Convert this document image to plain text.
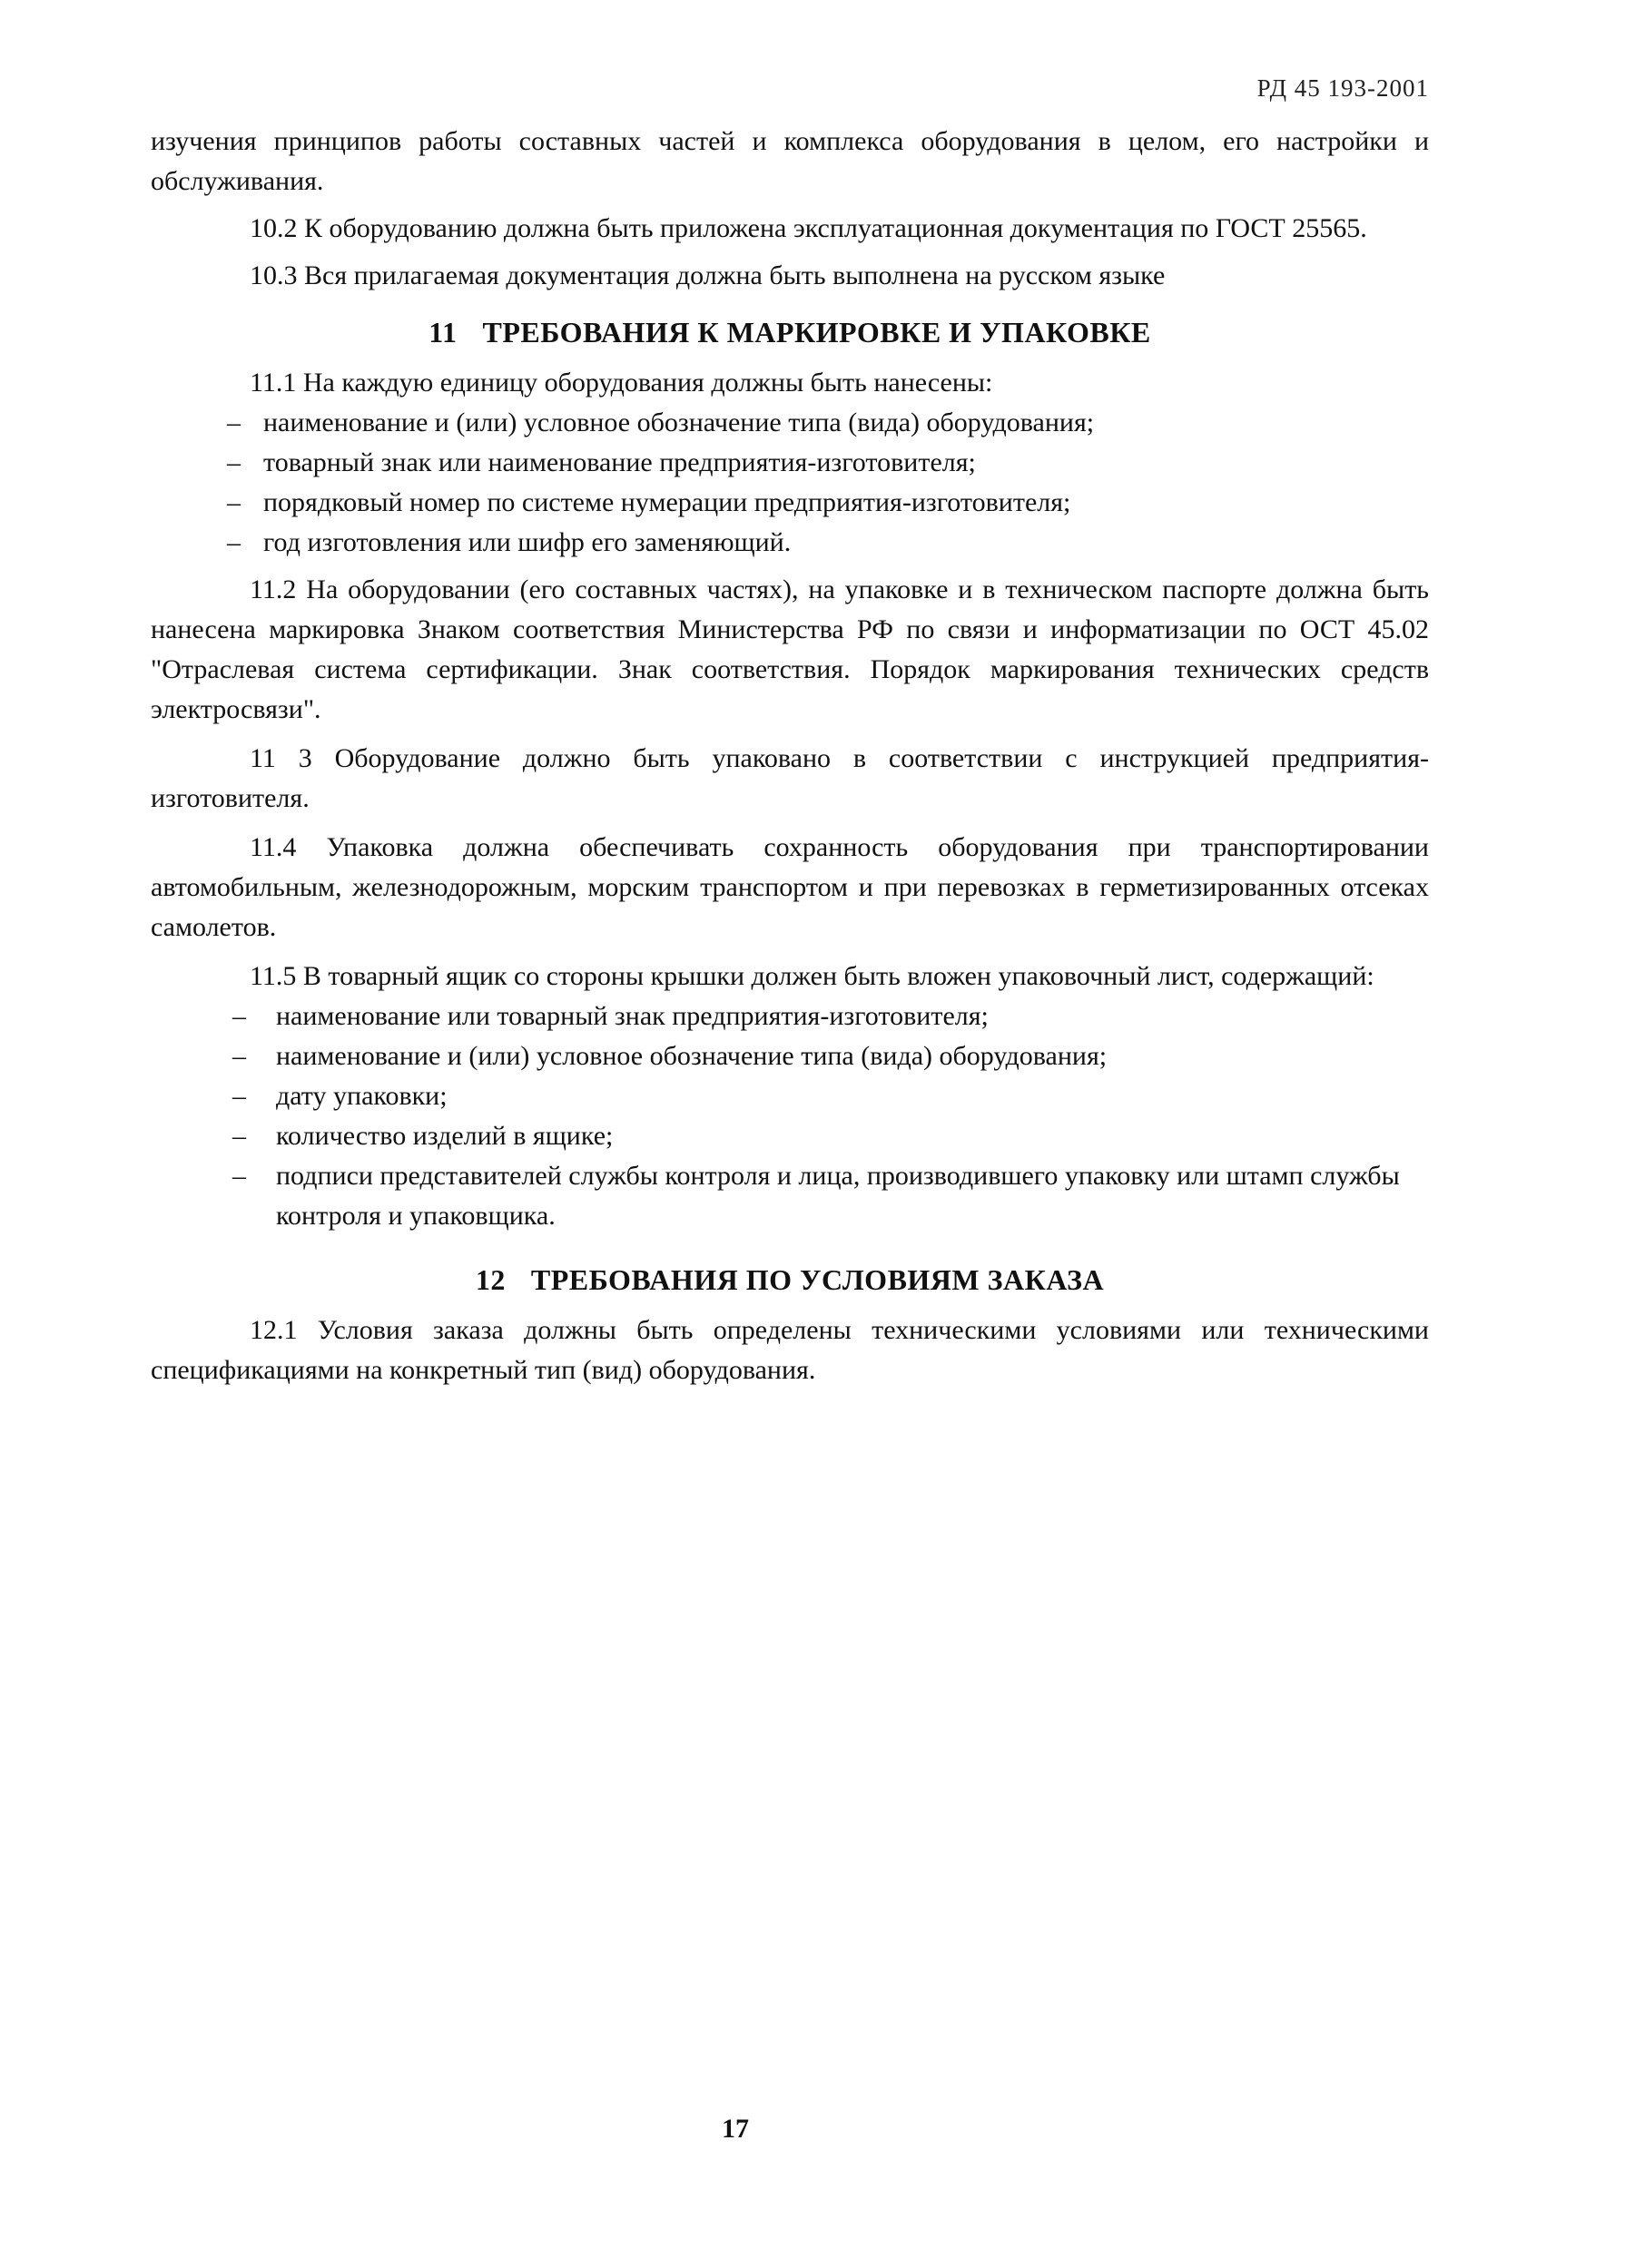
РД 45 193-2001

изучения принципов работы составных частей и комплекса оборудования в целом, его настройки и обслуживания.

10.2 К оборудованию должна быть приложена эксплуатационная документация по ГОСТ 25565.

10.3 Вся прилагаемая документация должна быть выполнена на русском языке

11 ТРЕБОВАНИЯ К МАРКИРОВКЕ И УПАКОВКЕ

11.1 На каждую единицу оборудования должны быть нанесены:

– наименование и (или) условное обозначение типа (вида) оборудования;
– товарный знак или наименование предприятия-изготовителя;
– порядковый номер по системе нумерации предприятия-изготовителя;
– год изготовления или шифр его заменяющий.

11.2 На оборудовании (его составных частях), на упаковке и в техническом паспорте должна быть нанесена маркировка Знаком соответствия Министерства РФ по связи и информатизации по ОСТ 45.02 "Отраслевая система сертификации. Знак соответствия. Порядок маркирования технических средств электросвязи".

11 3 Оборудование должно быть упаковано в соответствии с инструкцией предприятия-изготовителя.

11.4 Упаковка должна обеспечивать сохранность оборудования при транспортировании автомобильным, железнодорожным, морским транспортом и при перевозках в герметизированных отсеках самолетов.

11.5 В товарный ящик со стороны крышки должен быть вложен упаковочный лист, содержащий:

– наименование или товарный знак предприятия-изготовителя;
– наименование и (или) условное обозначение типа (вида) оборудования;
– дату упаковки;
– количество изделий в ящике;
– подписи представителей службы контроля и лица, производившего упаковку или штамп службы контроля и упаковщика.
12 ТРЕБОВАНИЯ ПО УСЛОВИЯМ ЗАКАЗА

12.1 Условия заказа должны быть определены техническими условиями или техническими спецификациями на конкретный тип (вид) оборудования.

17
